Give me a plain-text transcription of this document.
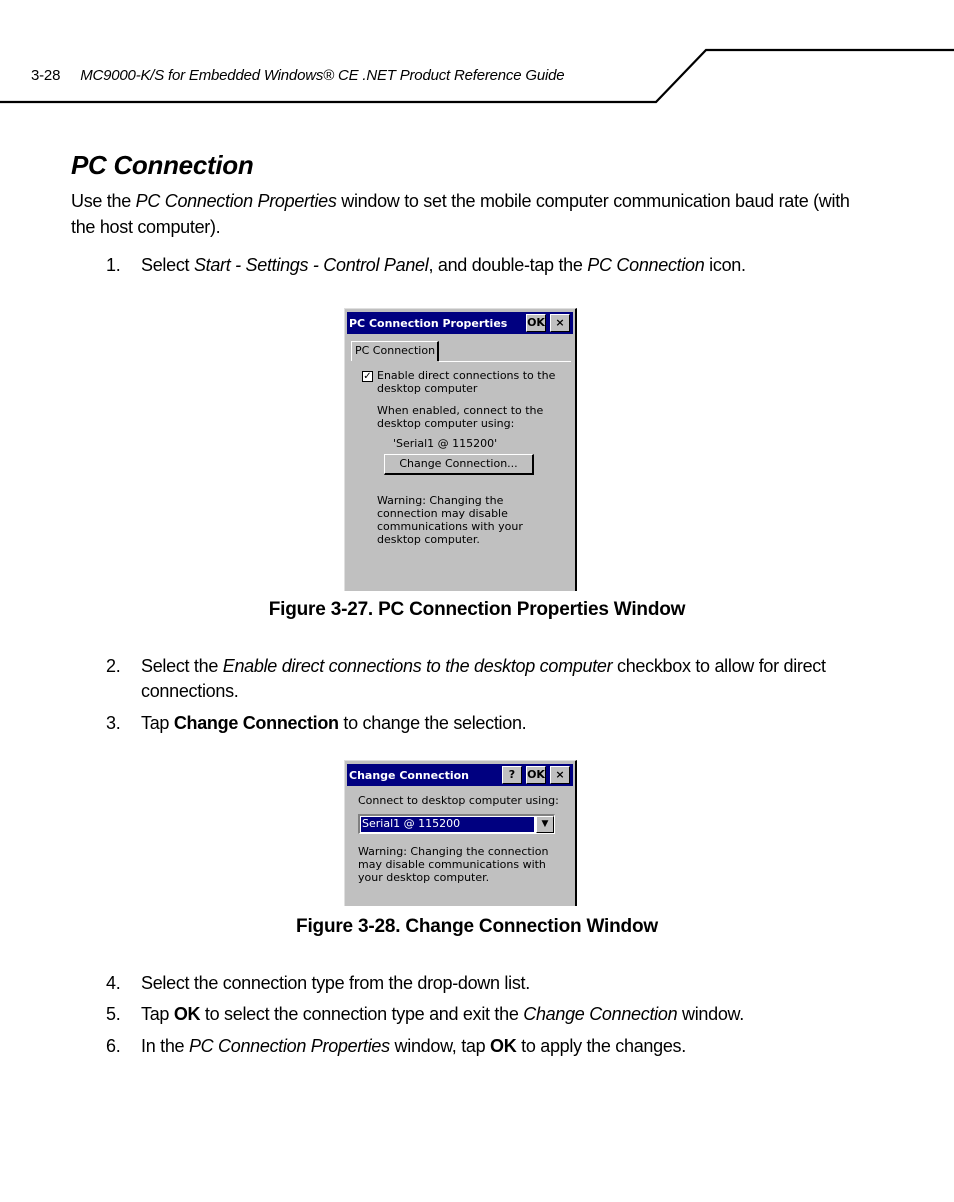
3-28 MC9000-K/S for Embedded Windows® CE .NET Product Reference Guide
PC Connection

Use the PC Connection Properties window to set the mobile computer communication baud rate (with the host computer).

1. Select Start - Settings - Control Panel, and double-tap the PC Connection icon.

PC Connection Properties OK ×
PC Connection
✓ Enable direct connections to the
desktop computer
When enabled, connect to the
desktop computer using:
'Serial1 @ 115200'
Change Connection...
Warning: Changing the
connection may disable
communications with your
desktop computer.

Figure 3-27. PC Connection Properties Window

2. Select the Enable direct connections to the desktop computer checkbox to allow for direct connections.

3. Tap Change Connection to change the selection.

Change Connection	?	OK ×
Connect to desktop computer using:
Serial1 @ 115200	▼
Warning: Changing the connection
may disable communications with
your desktop computer.

Figure 3-28. Change Connection Window

4. Select the connection type from the drop-down list.

5. Tap OK to select the connection type and exit the Change Connection window.

6. In the PC Connection Properties window, tap OK to apply the changes.
